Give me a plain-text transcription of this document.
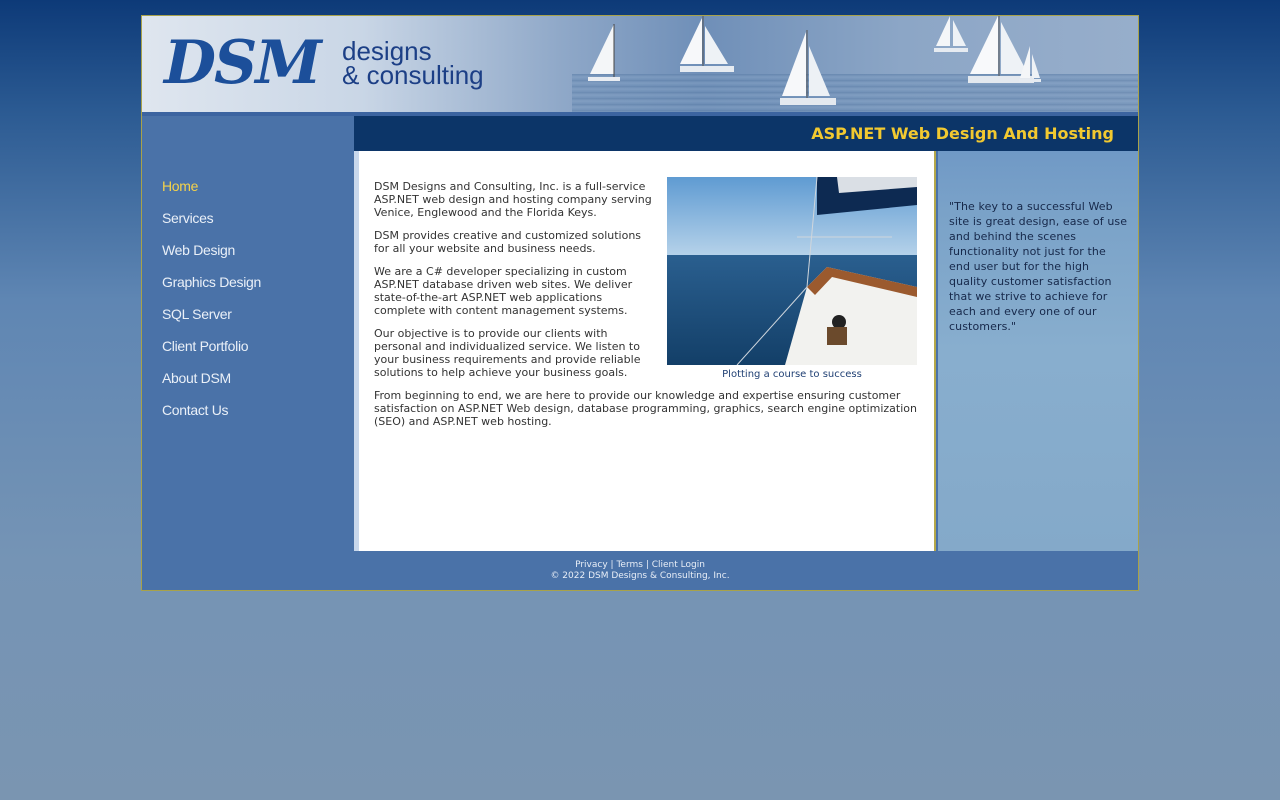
DSM designs
& consulting
Home
Services
Web Design
Graphics Design
SQL Server
Client Portfolio
About DSM
Contact Us
ASP.NET Web Design And Hosting
Plotting a course to success

DSM Designs and Consulting, Inc. is a full-service ASP.NET web design and hosting company serving Venice, Englewood and the Florida Keys.

DSM provides creative and customized solutions for all your website and business needs.

We are a C# developer specializing in custom ASP.NET database driven web sites. We deliver state-of-the-art ASP.NET web applications complete with content management systems.

Our objective is to provide our clients with personal and individualized service. We listen to your business requirements and provide reliable solutions to help achieve your business goals.

From beginning to end, we are here to provide our knowledge and expertise ensuring customer satisfaction on ASP.NET Web design, database programming, graphics, search engine optimization (SEO) and ASP.NET web hosting.

"The key to a successful Web site is great design, ease of use and behind the scenes functionality not just for the end user but for the high quality customer satisfaction that we strive to achieve for each and every one of our customers."

Privacy | Terms | Client Login
© 2022 DSM Designs & Consulting, Inc.
